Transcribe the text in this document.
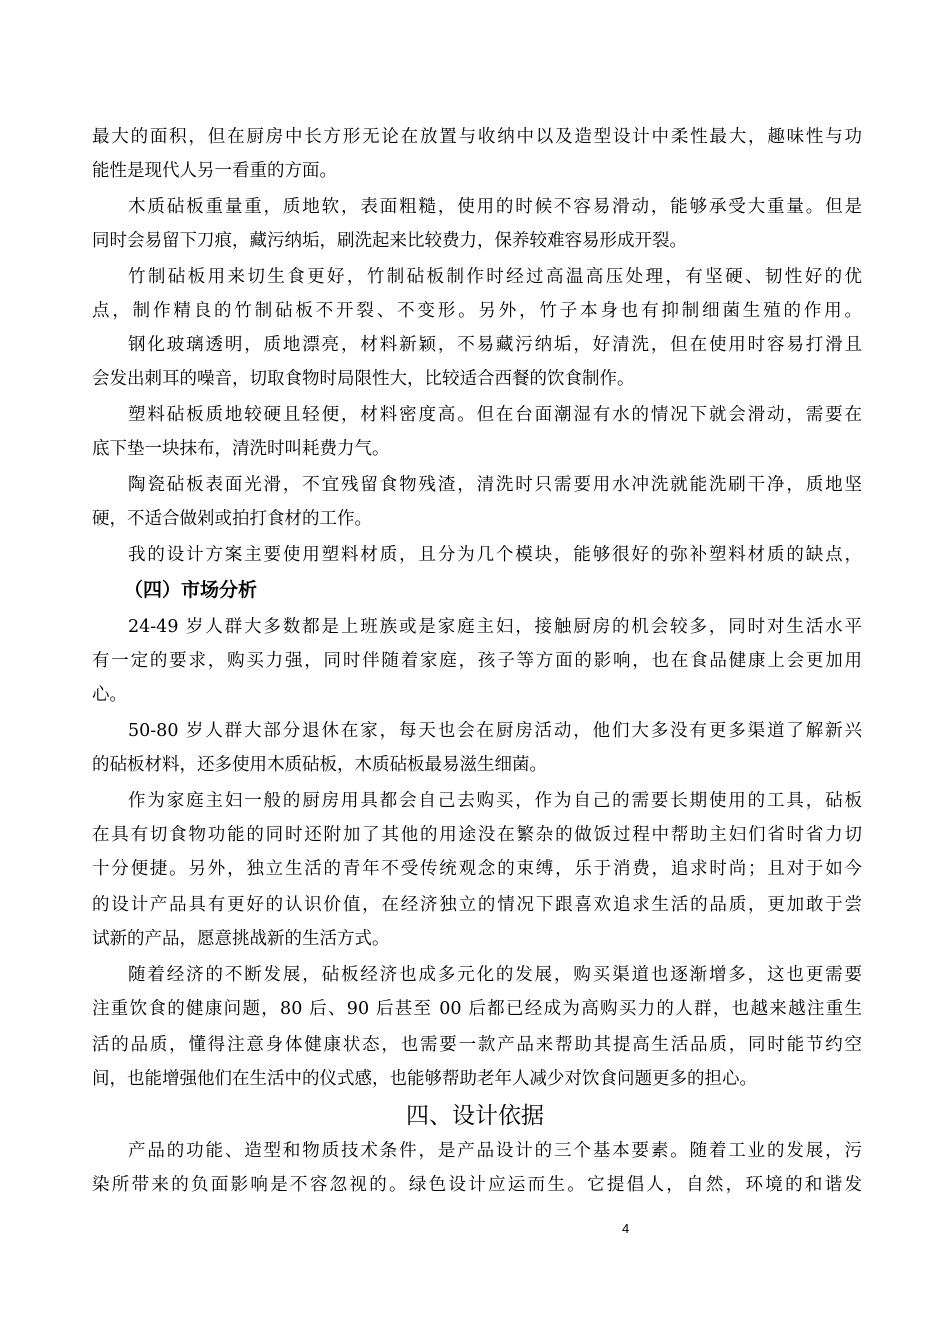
最大的面积，但在厨房中长方形无论在放置与收纳中以及造型设计中柔性最大，趣味性与功
能性是现代人另一看重的方面。
木质砧板重量重，质地软，表面粗糙，使用的时候不容易滑动，能够承受大重量。但是
同时会易留下刀痕，藏污纳垢，刷洗起来比较费力，保养较难容易形成开裂。
竹制砧板用来切生食更好，竹制砧板制作时经过高温高压处理，有坚硬、韧性好的优
点，制作精良的竹制砧板不开裂、不变形。另外，竹子本身也有抑制细菌生殖的作用。
钢化玻璃透明，质地漂亮，材料新颖，不易藏污纳垢，好清洗，但在使用时容易打滑且
会发出刺耳的噪音，切取食物时局限性大，比较适合西餐的饮食制作。
塑料砧板质地较硬且轻便，材料密度高。但在台面潮湿有水的情况下就会滑动，需要在
底下垫一块抹布，清洗时叫耗费力气。
陶瓷砧板表面光滑，不宜残留食物残渣，清洗时只需要用水冲洗就能洗刷干净，质地坚
硬，不适合做剁或拍打食材的工作。
我的设计方案主要使用塑料材质，且分为几个模块，能够很好的弥补塑料材质的缺点，
（四）市场分析
24-49 岁人群大多数都是上班族或是家庭主妇，接触厨房的机会较多，同时对生活水平
有一定的要求，购买力强，同时伴随着家庭，孩子等方面的影响，也在食品健康上会更加用
心。
50-80 岁人群大部分退休在家，每天也会在厨房活动，他们大多没有更多渠道了解新兴
的砧板材料，还多使用木质砧板，木质砧板最易滋生细菌。
作为家庭主妇一般的厨房用具都会自己去购买，作为自己的需要长期使用的工具，砧板
在具有切食物功能的同时还附加了其他的用途没在繁杂的做饭过程中帮助主妇们省时省力切
十分便捷。另外，独立生活的青年不受传统观念的束缚，乐于消费，追求时尚；且对于如今
的设计产品具有更好的认识价值，在经济独立的情况下跟喜欢追求生活的品质，更加敢于尝
试新的产品，愿意挑战新的生活方式。
随着经济的不断发展，砧板经济也成多元化的发展，购买渠道也逐渐增多，这也更需要
注重饮食的健康问题，80 后、90 后甚至 00 后都已经成为高购买力的人群，也越来越注重生
活的品质，懂得注意身体健康状态，也需要一款产品来帮助其提高生活品质，同时能节约空
间，也能增强他们在生活中的仪式感，也能够帮助老年人减少对饮食问题更多的担心。
四、设计依据
产品的功能、造型和物质技术条件，是产品设计的三个基本要素。随着工业的发展，污
染所带来的负面影响是不容忽视的。绿色设计应运而生。它提倡人，自然，环境的和谐发
4
